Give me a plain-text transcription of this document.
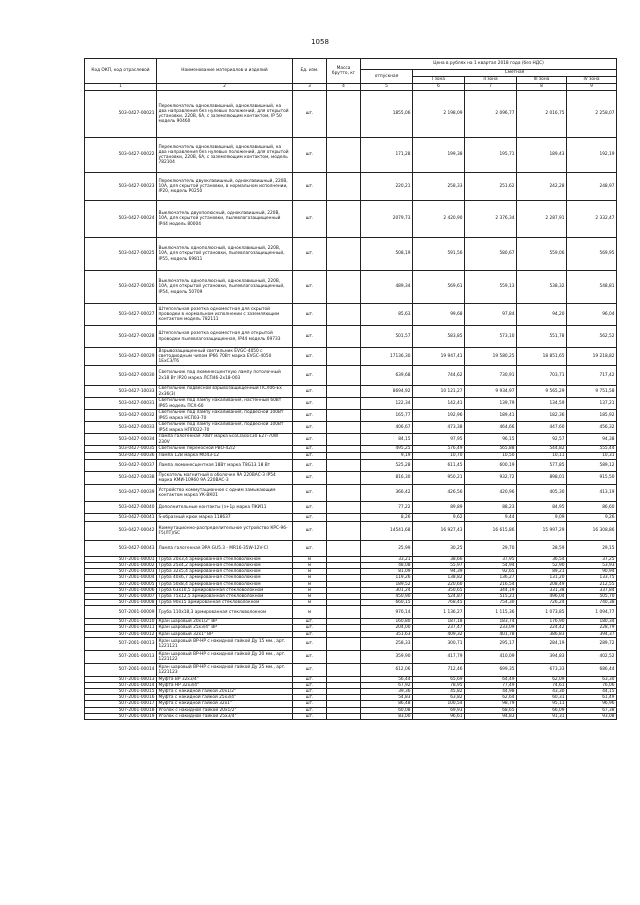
1058
Код ОКП, код отраслевой	Наименование материалов и изделий	Ед. изм.	Масса брутто, кг	Цена в рублях на 1 квартал 2018 года (без НДС)				
				отпускная	Сметная			
					I зона	II зона	III зона	IV зона
1	2	3	4	5	6	7	8	9
503-0427-00021	Переключатель одноклавишный, одноклавишный, на два направления без нулевых положений, для открытой установки, 220В, 6А, с заземляющим контактом, IP 50 модель 90460	шт.		1855,06	2 198,09	2 096,77	2 016,75	2 258,07
503-0427-00022	Переключатель одноклавишный, одноклавишный, на два направления без нулевых положений, для открытой установки, 220В, 6А, с заземляющим контактом, модель 782104	шт.		171,28	199,38	195,71	189,43	192,19
503-0427-00023	Переключатель двухклавишный, одноклавишный, 220В, 10А, для скрытой установки, в нормальном исполнении, IP20, модель P0250	шт.		220,21	258,33	251,62	242,28	248,97
503-0427-00024	Выключатель двухполюсный, одноклавишный, 220В, 10А, для скрытой установки, пылевлагозащищенный IP44 модель 80004	шт.		2079,73	2 420,90	2 376,34	2 287,91	2 332,47
503-0427-00025	Выключатель однополюсный, одноклавишный, 220В, 10А, для открытой установки, пылевлагозащищенный, IP55, модель 69811	шт.		508,19	591,56	580,67	559,06	569,95
503-0427-00026	Выключатель однополюсный, одноклавишный, 220В, 10А, для открытой установки, пылевлагозащищенный, IP54, модель 50709	шт.		489,34	569,61	559,13	538,32	548,81
503-0427-00027	Штепсельная розетка одноместная для скрытой проводки в нормальном исполнении с заземляющим контактом модель 782111	шт.		85,63	99,68	97,84	94,20	96,04
503-0427-00028	Штепсельная розетка одноместная для открытой проводки пылевлагозащищенная, IP44 модель 69733	шт.		501,57	583,85	573,10	551,78	562,52
503-0427-00029	Взрывозащищенный светильник EVGC-4050 с светодиодным чипом IP66 70Вт марка EVGC-4050 1ExC3/T6	шт.		17136,30	19 947,41	19 580,25	18 851,65	19 218,82
503-0427-00030	Светильник под люминесцентную лампу потолочный 2x18 Вт IP20 марка ЛСП46-2x18-003	шт.		639,68	744,62	730,91	703,71	717,42
503-0427-10033	Светильник подвесной взрывозащищенный ПСЛ06-Ex 2x36(3)	шт.		8694,92	10 121,27	9 934,97	9 565,29	9 751,58
503-0427-00031	Светильник под лампу накаливания, настенный 60Вт IP65 модель ПСХ-60	шт.		122,34	142,41	139,79	134,59	137,21
503-0427-00032	Светильник под лампу накаливания, подвесной 100Вт IP65 марка НСП03-70	шт.		165,77	192,96	189,41	182,36	185,92
503-0427-00033	Светильник под лампу накаливания, подвесной 100Вт IP54 марка НПП022-70	шт.		406,67	473,38	464,66	447,60	456,32
503-0427-00034	Лампа галогенная 70Вт марка EcoClassic30 E27-70W 230V	шт.		84,15	97,95	96,15	92,57	94,38
503-0427-00035	Светильник переносной РВО-42/2	шт.		495,25	576,49	565,88	544,82	555,44
503-0427-00036	Лампа 12В марка МО43-12	шт.		9,19	10,70	10,50	10,11	10,31
503-0427-00037	Лампа люминесцентная 18Вт марка T8G13 18 Вт	шт.		525,28	611,45	600,19	577,85	589,12
503-0427-00038	Пускатель магнитный в оболочке 9А 220ВАС-3 IP54 марка КМИ-10960 9А 220ВАС-3	шт.		816,30	950,21	932,72	898,01	915,50
503-0427-00039	Устройство коммутационное с одним замыкающим контактом марка УК-ВК01	шт.		366,42	426,56	420,96	405,30	413,19
503-0427-00040	Дополнительные контакты (з+1р марка ПКИ11	шт.		77,22	89,89	88,23	84,95	86,60
503-0427-00041	S-образный крюк марка 118637	шт.		8,26	9,62	9,44	9,09	9,26
503-0427-00042	Коммутационно-распределительное устройство КРС-96-F5(ЛТ)/SC	шт.		14541,68	16 927,43	16 615,86	15 997,29	16 308,86
503-0427-00043	Лампа галогенная ЭРА GU5.3 - MR16-35W-12V-Cl	шт.		25,99	30,25	29,70	28,59	29,15
507-2001-00001	Труба 20х3,4 армированная стекловолокном	м		33,21	38,66	37,95	36,54	37,25
507-2001-00002	Труба 25х4,2 армированная стекловолокном	м		48,08	55,97	54,94	52,90	53,93
507-2001-00003	Труба 32х5,4 армированная стекловолокном	м		81,09	94,39	92,65	89,21	90,94
507-2001-00004	Труба 40х6,7 армированная стекловолокном	м		119,26	138,82	136,27	131,20	133,75
507-2001-00005	Труба 50х8,4 армированная стекловолокном	м		189,52	220,60	216,54	208,49	212,55
507-2001-00006	Труба 63х10,5 армированная стекловолокном	м		301,24	350,65	344,19	331,38	337,84
507-2001-00007	Труба 75х12,5 армированная стекловолокном	м		450,90	524,87	515,21	496,04	505,70
507-2001-00008	Труба 90х15 армированная стекловолокном	м		660,15	768,45	754,30	726,24	740,38
507-2001-00009	Труба 110х18,3 армированная стекловолокном	м		976,14	1 136,27	1 115,36	1 073,85	1 094,77
507-2001-00010	Кран шаровый 20х1/2" ВР	шт.		160,80	187,18	183,74	176,90	180,34
507-2001-00011	Кран шаровый 25х3/4" ВР	шт.		204,00	237,47	233,09	224,42	228,79
507-2001-00012	Кран шаровый 32х1" ВР	шт.		351,63	409,32	401,78	386,83	394,37
507-2001-00013	Кран шаровый ВР-НР с накидной гайкой Ду 15 мм., арт. 1221121	шт.		258,33	300,71	295,17	284,19	289,72
507-2001-00013	Кран шаровый ВР-НР с накидной гайкой Ду 20 мм., арт. 1221122	шт.		359,90	417,79	410,09	394,83	402,52
507-2001-00014	Кран шаровый ВР-НР с накидной гайкой Ду 25 мм., арт. 1221123	шт.		612,06	712,46	699,35	673,33	686,44
507-2001-00013	Муфта ВР 32х3/4"	шт.		56,44	65,69	64,49	62,09	63,30
507-2001-00014	Муфта НР 32х3/4"	шт.		67,92	78,95	77,49	74,61	76,06
507-2001-00015	Муфта с накидной гайкой 20х1/2"	шт.		39,36	45,82	44,98	43,30	44,15
507-2001-00016	Муфта с накидной гайкой 25х3/4"	шт.		54,83	63,82	62,64	60,31	61,49
507-2001-00017	Муфта с накидной гайкой 32х1"	шт.		86,48	100,54	98,79	95,11	96,96
507-2001-00018	Уголок с накидной гайкой 20х1/2"	шт.		60,08	69,93	68,65	66,09	67,38
507-2001-00019	Уголок с накидной гайкой 25х3/4"	шт.		83,00	96,61	94,83	91,31	93,08
